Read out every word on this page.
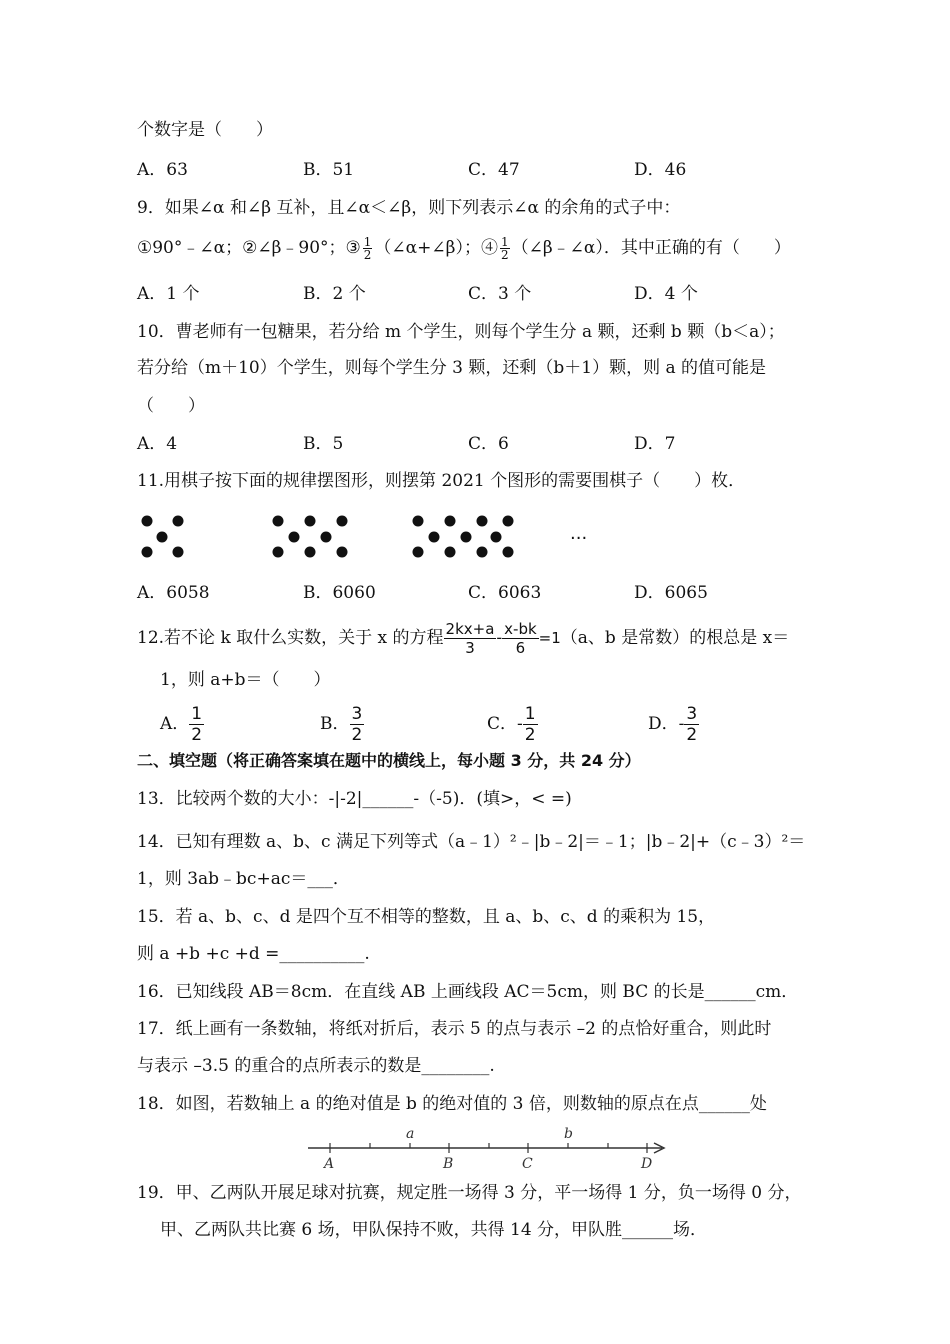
个数字是（　　）
A．63	B．51	C．47	D．46
9．如果∠α 和∠β 互补，且∠α＜∠β，则下列表示∠α 的余角的式子中：
①90°﹣∠α；②∠β﹣90°；③ $\frac{1}{2}$ （∠α+∠β）；④ $\frac{1}{2}$ （∠β﹣∠α）．其中正确的有（　　）
A．1 个	B．2 个	C．3 个	D．4 个
10．曹老师有一包糖果，若分给 m 个学生，则每个学生分 a 颗，还剩 b 颗（b＜a）；
若分给（m＋10）个学生，则每个学生分 3 颗，还剩（b＋1）颗，则 a 的值可能是
（　　）
A．4	B．5	C．6	D．7
11.用棋子按下面的规律摆图形，则摆第 2021 个图形的需要围棋子（　　）枚．
···
A．6058	B．6060	C．6063	D．6065
12.若不论 k 取什么实数，关于 x 的方程 $\frac{2kx+a}{3} - \frac{x-bk}{6} =1(a$、b 是常数）的根总是 x＝
1，则 a+b＝（　　）
A． $\frac{1}{2}$	B． $\frac{3}{2}$	C．- $\frac{1}{2}$	D．- $\frac{3}{2}$
二、填空题（将正确答案填在题中的横线上，每小题 3 分，共 24 分）
13．比较两个数的大小：-|-2|______-（-5)．(填>，< =)
14．已知有理数 a、b、c 满足下列等式（a﹣1）²﹣|b﹣2|＝﹣1；|b﹣2|+（c﹣3）²＝
1，则 3ab﹣bc+ac＝___．
15．若 a、b、c、d 是四个互不相等的整数，且 a、b、c、d 的乘积为 15，
则 a +b +c +d =__________.
16．已知线段 AB＝8cm．在直线 AB 上画线段 AC＝5cm，则 BC 的长是______cm．
17．纸上画有一条数轴，将纸对折后，表示 5 的点与表示 –2 的点恰好重合，则此时
与表示 –3.5 的重合的点所表示的数是________.
18．如图，若数轴上 a 的绝对值是 b 的绝对值的 3 倍，则数轴的原点在点______处
a	b
A	B	C	D
19．甲、乙两队开展足球对抗赛，规定胜一场得 3 分，平一场得 1 分，负一场得 0 分，
甲、乙两队共比赛 6 场，甲队保持不败，共得 14 分，甲队胜______场．
